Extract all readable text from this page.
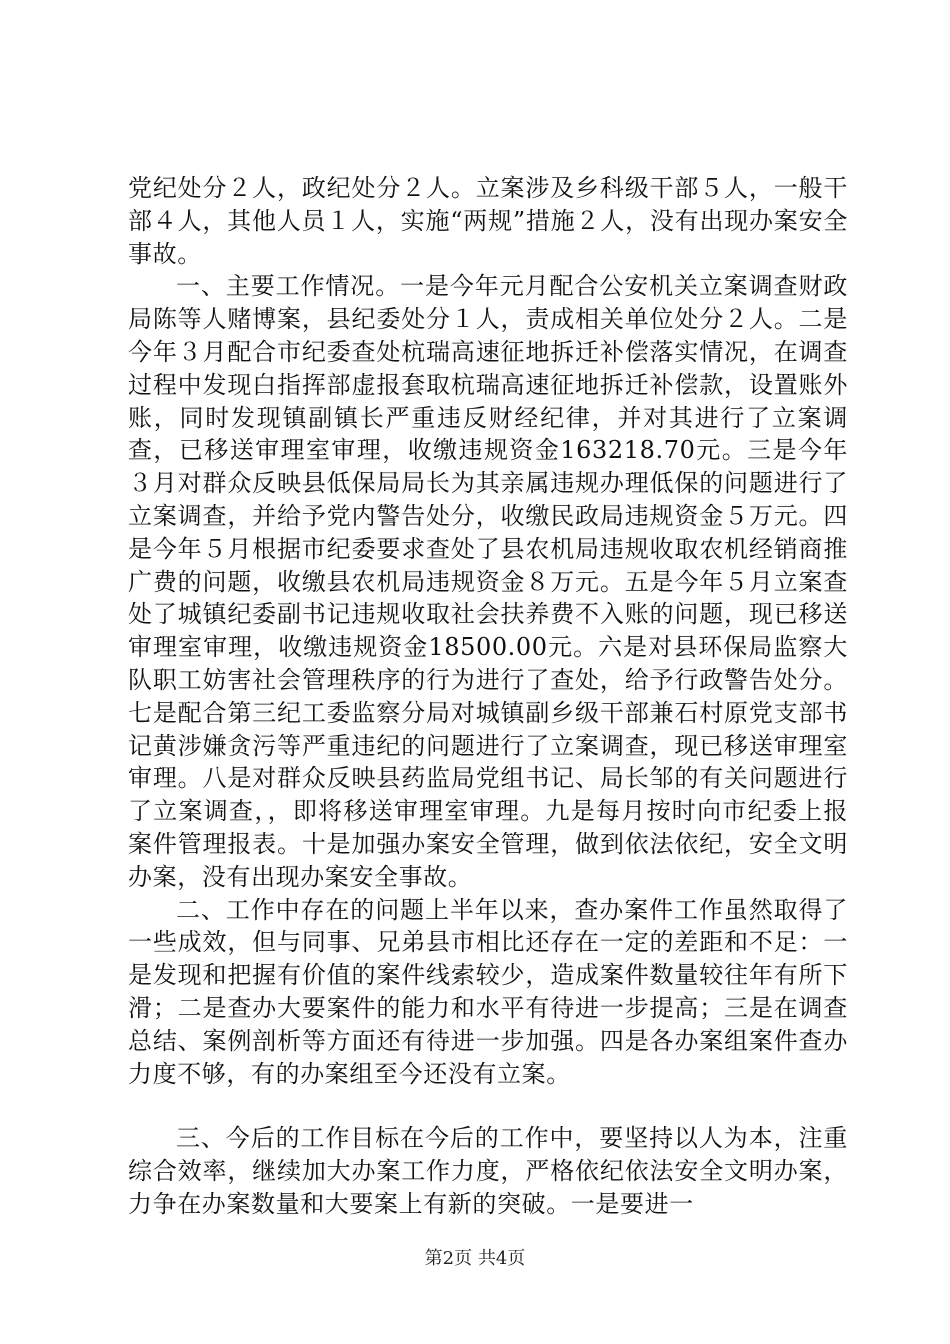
党纪处分２人，政纪处分２人。立案涉及乡科级干部５人，一般干部４人，其他人员１人，实施“两规”措施２人，没有出现办案安全事故。

一、主要工作情况。一是今年元月配合公安机关立案调查财政局陈等人赌博案，县纪委处分１人，责成相关单位处分２人。二是今年３月配合市纪委查处杭瑞高速征地拆迁补偿落实情况，在调查过程中发现白指挥部虚报套取杭瑞高速征地拆迁补偿款，设置账外账，同时发现镇副镇长严重违反财经纪律，并对其进行了立案调查，已移送审理室审理，收缴违规资金163218.70元。三是今年３月对群众反映县低保局局长为其亲属违规办理低保的问题进行了立案调查，并给予党内警告处分，收缴民政局违规资金５万元。四是今年５月根据市纪委要求查处了县农机局违规收取农机经销商推广费的问题，收缴县农机局违规资金８万元。五是今年５月立案查处了城镇纪委副书记违规收取社会扶养费不入账的问题，现已移送审理室审理，收缴违规资金18500.00元。六是对县环保局监察大队职工妨害社会管理秩序的行为进行了查处，给予行政警告处分。七是配合第三纪工委监察分局对城镇副乡级干部兼石村原党支部书记黄涉嫌贪污等严重违纪的问题进行了立案调查，现已移送审理室审理。八是对群众反映县药监局党组书记、局长邹的有关问题进行了立案调查，，即将移送审理室审理。九是每月按时向市纪委上报案件管理报表。十是加强办案安全管理，做到依法依纪，安全文明办案，没有出现办案安全事故。

二、工作中存在的问题上半年以来，查办案件工作虽然取得了一些成效，但与同事、兄弟县市相比还存在一定的差距和不足：一是发现和把握有价值的案件线索较少，造成案件数量较往年有所下滑；二是查办大要案件的能力和水平有待进一步提高；三是在调查总结、案例剖析等方面还有待进一步加强。四是各办案组案件查办力度不够，有的办案组至今还没有立案。

三、今后的工作目标在今后的工作中，要坚持以人为本，注重综合效率，继续加大办案工作力度，严格依纪依法安全文明办案，力争在办案数量和大要案上有新的突破。一是要进一

第2页 共4页
